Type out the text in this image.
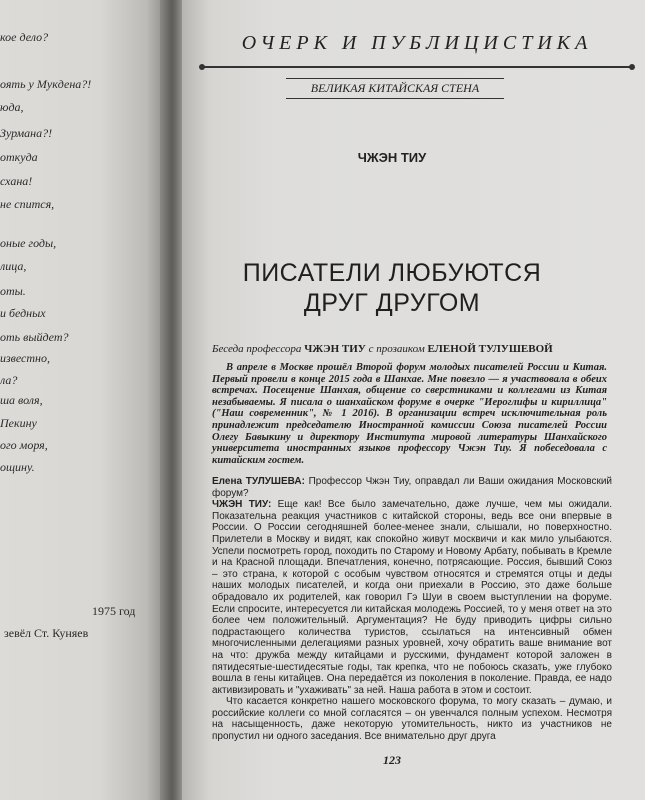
кое дело?
оять у Мукдена?!
юда,
Зурмана?!
откуда
схана!
не спится,
оные годы,
лица,
оты.
и бедных
оть выйдет?
известно,
ла?
ша воля,
Пекину
ого моря,
ощину.
1975 год
зевёл Ст. Куняев
ОЧЕРК И ПУБЛИЦИСТИКА
ВЕЛИКАЯ КИТАЙСКАЯ СТЕНА
ЧЖЭН ТИУ
ПИСАТЕЛИ ЛЮБУЮТСЯ
ДРУГ ДРУГОМ
Беседа профессора ЧЖЭН ТИУ с прозаиком ЕЛЕНОЙ ТУЛУШЕВОЙ

В апреле в Москве прошёл Второй форум молодых писателей России и Китая. Первый провели в конце 2015 года в Шанхае. Мне повезло — я участвовала в обеих встречах. Посещение Шанхая, общение со сверстниками и коллегами из Китая незабываемы. Я писала о шанхайском форуме в очерке "Иероглифы и кириллица" ("Наш современник", № 1 2016). В организации встреч исключительная роль принадлежит председателю Иностранной комиссии Союза писателей России Олегу Бавыкину и директору Института мировой литературы Шанхайского университета иностранных языков профессору Чжэн Тиу. Я побеседовала с китайским гостем.

Елена ТУЛУШЕВА: Профессор Чжэн Тиу, оправдал ли Ваши ожидания Московский форум?

ЧЖЭН ТИУ: Еще как! Все было замечательно, даже лучше, чем мы ожидали. Показательна реакция участников с китайской стороны, ведь все они впервые в России. О России сегодняшней более-менее знали, слышали, но поверхностно. Прилетели в Москву и видят, как спокойно живут москвичи и как мило улыбаются. Успели посмотреть город, походить по Старому и Новому Арбату, побывать в Кремле и на Красной площади. Впечатления, конечно, потрясающие. Россия, бывший Союз – это страна, к которой с особым чувством относятся и стремятся отцы и деды наших молодых писателей, и когда они приехали в Россию, это даже больше обрадовало их родителей, как говорил Гэ Шуи в своем выступлении на форуме. Если спросите, интересуется ли китайская молодежь Россией, то у меня ответ на это более чем положительный. Аргументация? Не буду приводить цифры сильно подрастающего количества туристов, ссылаться на интенсивный обмен многочисленными делегациями разных уровней, хочу обратить ваше внимание вот на что: дружба между китайцами и русскими, фундамент которой заложен в пятидесятые-шестидесятые годы, так крепка, что не побоюсь сказать, уже глубоко вошла в гены китайцев. Она передаётся из поколения в поколение. Правда, ее надо активизировать и "ухаживать" за ней. Наша работа в этом и состоит.

Что касается конкретно нашего московского форума, то могу сказать – думаю, и российские коллеги со мной согласятся – он увенчался полным успехом. Несмотря на насыщенность, даже некоторую утомительность, никто из участников не пропустил ни одного заседания. Все внимательно друг друга

123
